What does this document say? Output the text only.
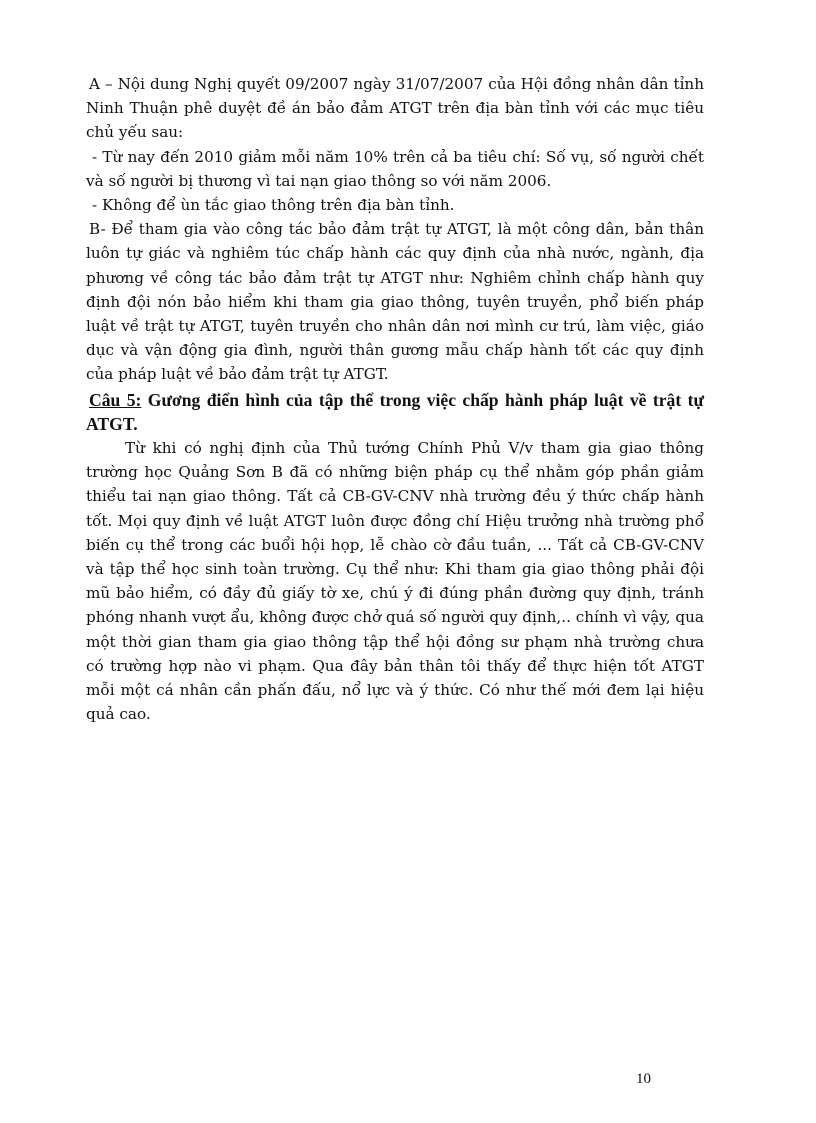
A – Nội dung Nghị quyết 09/2007 ngày 31/07/2007 của Hội đồng nhân dân tỉnh Ninh Thuận phê duyệt đề án bảo đảm ATGT trên địa bàn tỉnh với các mục tiêu chủ yếu sau:

- Từ nay đến 2010 giảm mỗi năm 10% trên cả ba tiêu chí: Số vụ, số người chết và số người bị thương vì tai nạn giao thông so với năm 2006.

- Không để ùn tắc giao thông trên địa bàn tỉnh.

B- Để tham gia vào công tác bảo đảm trật tự ATGT, là một công dân, bản thân luôn tự giác và nghiêm túc chấp hành các quy định của nhà nước, ngành, địa phương về công tác bảo đảm trật tự ATGT như: Nghiêm chỉnh chấp hành quy định đội nón bảo hiểm khi tham gia giao thông, tuyên truyền, phổ biến pháp luật về trật tự ATGT, tuyên truyền cho nhân dân nơi mình cư trú, làm việc, giáo dục và vận động gia đình, người thân gương mẫu chấp hành tốt các quy định của pháp luật về bảo đảm trật tự ATGT.

Câu 5: Gương điển hình của tập thể trong việc chấp hành pháp luật về trật tự ATGT.

Từ khi có nghị định của Thủ tướng Chính Phủ V/v tham gia giao thông trường học Quảng Sơn B đã có những biện pháp cụ thể nhằm góp phần giảm thiểu tai nạn giao thông. Tất cả CB-GV-CNV nhà trường đều ý thức chấp hành tốt. Mọi quy định về luật ATGT luôn được đồng chí Hiệu trưởng nhà trường phổ biến cụ thể trong các buổi hội họp, lễ chào cờ đầu tuần, ... Tất cả CB-GV-CNV và tập thể học sinh toàn trường. Cụ thể như: Khi tham gia giao thông phải đội mũ bảo hiểm, có đầy đủ giấy tờ xe, chú ý đi đúng phần đường quy định, tránh phóng nhanh vượt ẩu, không được chở quá số người quy định,.. chính vì vậy, qua một thời gian tham gia giao thông tập thể hội đồng sư phạm nhà trường chưa có trường hợp nào vi phạm. Qua đây bản thân tôi thấy để thực hiện tốt ATGT mỗi một cá nhân cần phấn đấu, nổ lực và ý thức. Có như thế mới đem lại hiệu quả cao.

10
